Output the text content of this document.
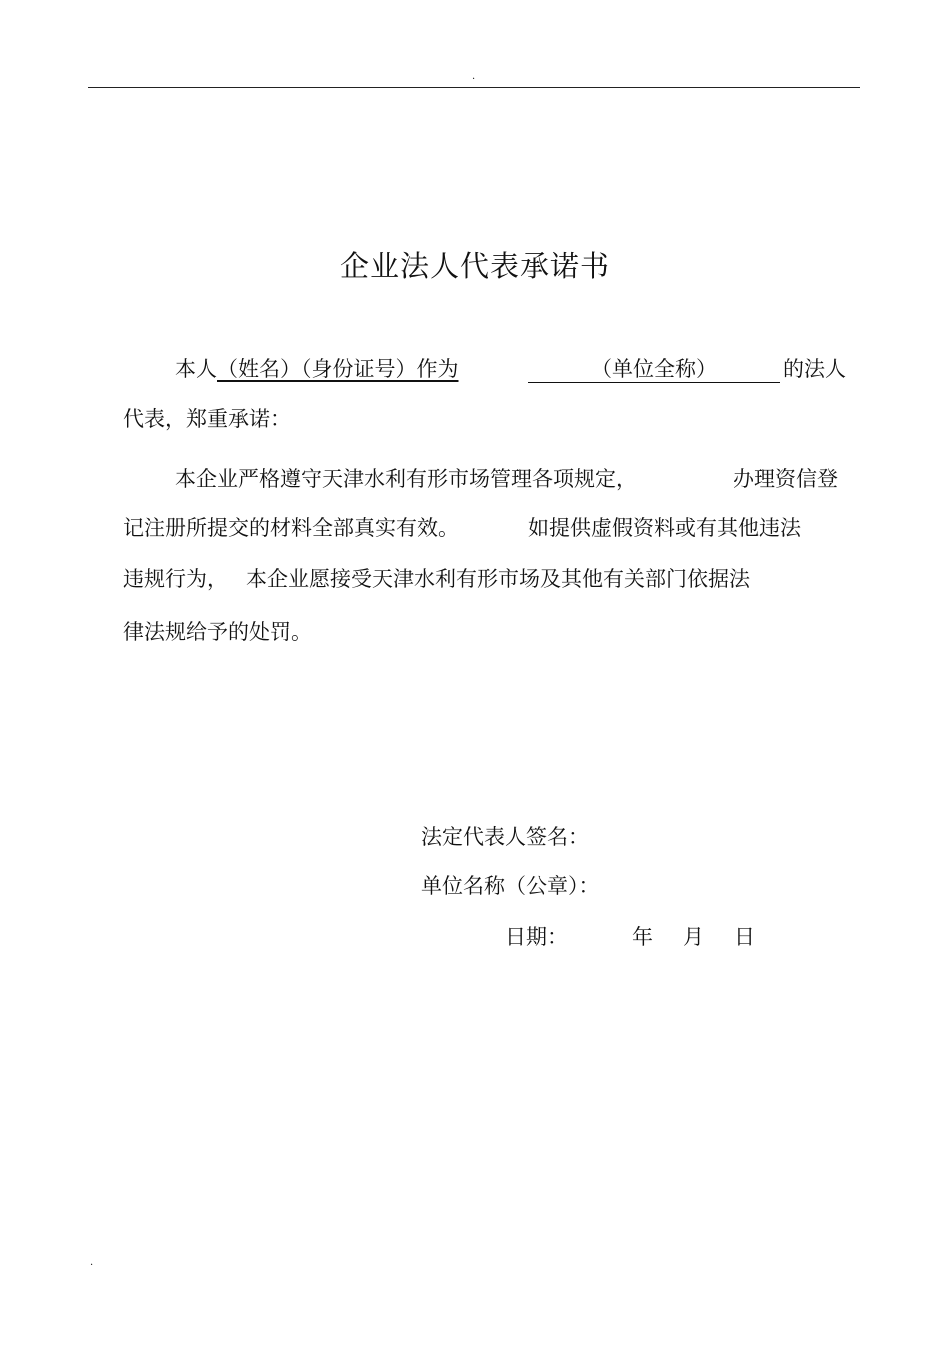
.
企业法人代表承诺书
本人（姓名）（身份证号）作为	（单位全称）	的法人
代表，郑重承诺：
本企业严格遵守天津水利有形市场管理各项规定，	办理资信登
记注册所提交的材料全部真实有效。	如提供虚假资料或有其他违法
违规行为， 本企业愿接受天津水利有形市场及其他有关部门依据法
律法规给予的处罚。
法定代表人签名：
单位名称（公章）：
日期：	年 月 日
.
